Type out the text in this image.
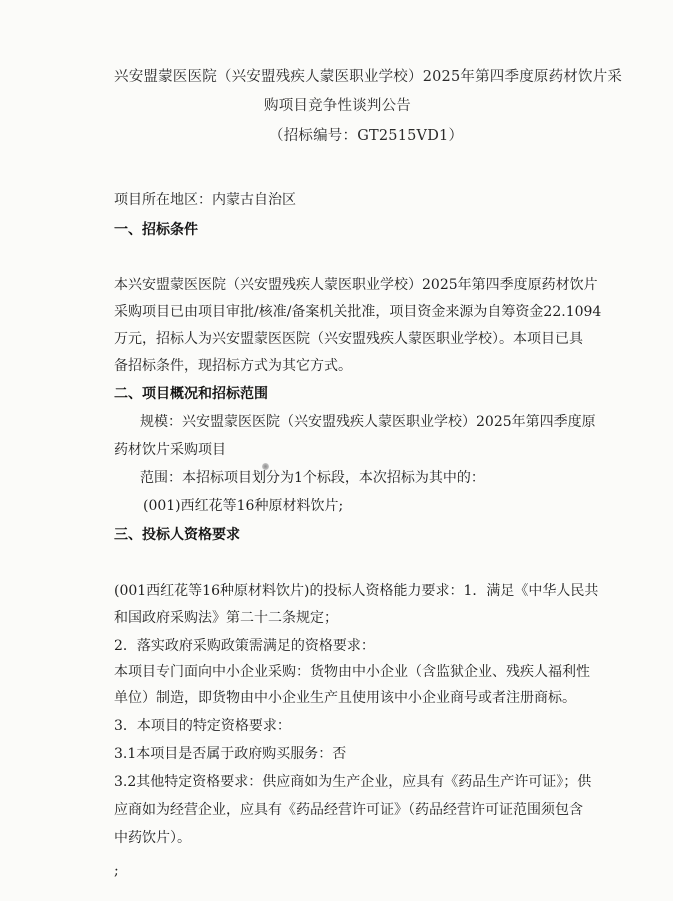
兴安盟蒙医医院（兴安盟残疾人蒙医职业学校）2025年第四季度原药材饮片采
购项目竞争性谈判公告
（招标编号：GT2515VD1）
项目所在地区：内蒙古自治区
一、招标条件
本兴安盟蒙医医院（兴安盟残疾人蒙医职业学校）2025年第四季度原药材饮片
采购项目已由项目审批/核准/备案机关批准，项目资金来源为自筹资金22.1094
万元，招标人为兴安盟蒙医医院（兴安盟残疾人蒙医职业学校）。本项目已具
备招标条件，现招标方式为其它方式。
二、项目概况和招标范围
规模：兴安盟蒙医医院（兴安盟残疾人蒙医职业学校）2025年第四季度原
药材饮片采购项目
范围：本招标项目划分为1个标段，本次招标为其中的：
(001)西红花等16种原材料饮片;
三、投标人资格要求
(001西红花等16种原材料饮片)的投标人资格能力要求：1．满足《中华人民共
和国政府采购法》第二十二条规定；
2．落实政府采购政策需满足的资格要求：
本项目专门面向中小企业采购：货物由中小企业（含监狱企业、残疾人福利性
单位）制造，即货物由中小企业生产且使用该中小企业商号或者注册商标。
3．本项目的特定资格要求：
3.1本项目是否属于政府购买服务：否
3.2其他特定资格要求：供应商如为生产企业，应具有《药品生产许可证》；供
应商如为经营企业，应具有《药品经营许可证》（药品经营许可证范围须包含
中药饮片）。
;
